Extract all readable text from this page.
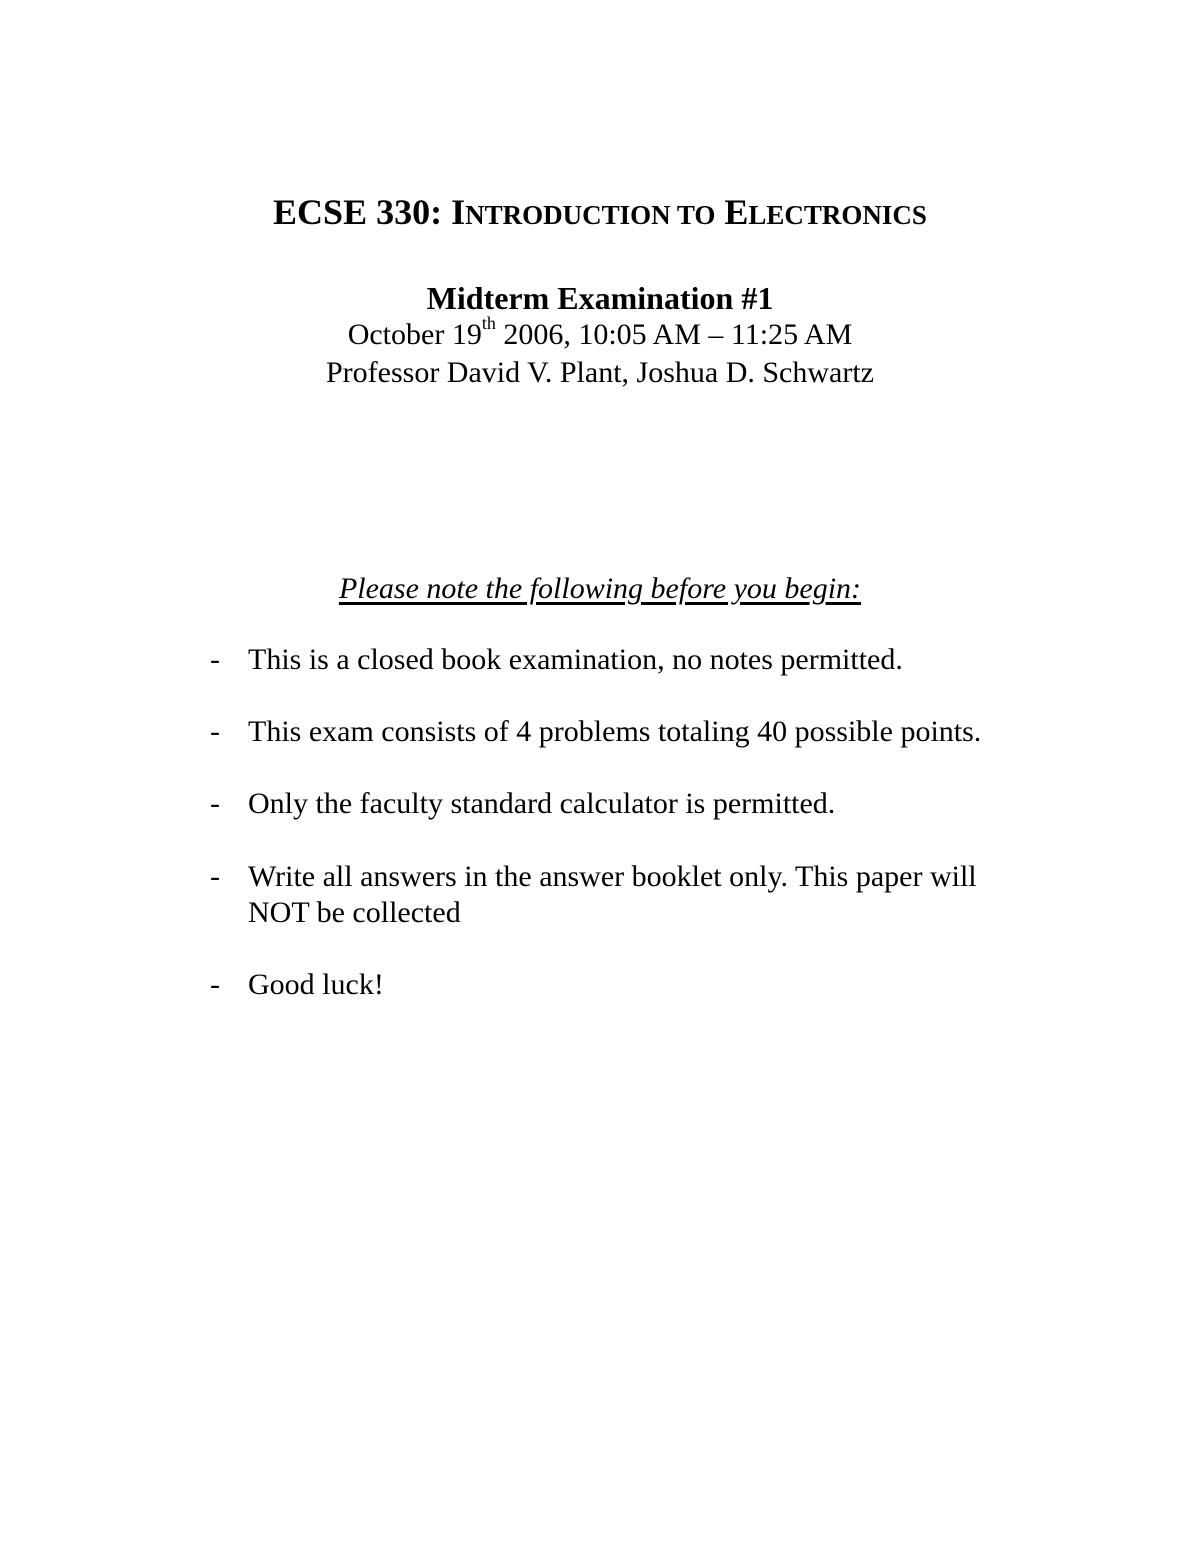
ECSE 330: INTRODUCTION TO ELECTRONICS
Midterm Examination #1
October 19th 2006, 10:05 AM – 11:25 AM
Professor David V. Plant, Joshua D. Schwartz
Please note the following before you begin:
- This is a closed book examination, no notes permitted.
- This exam consists of 4 problems totaling 40 possible points.
- Only the faculty standard calculator is permitted.
- Write all answers in the answer booklet only. This paper will
NOT be collected
- Good luck!
